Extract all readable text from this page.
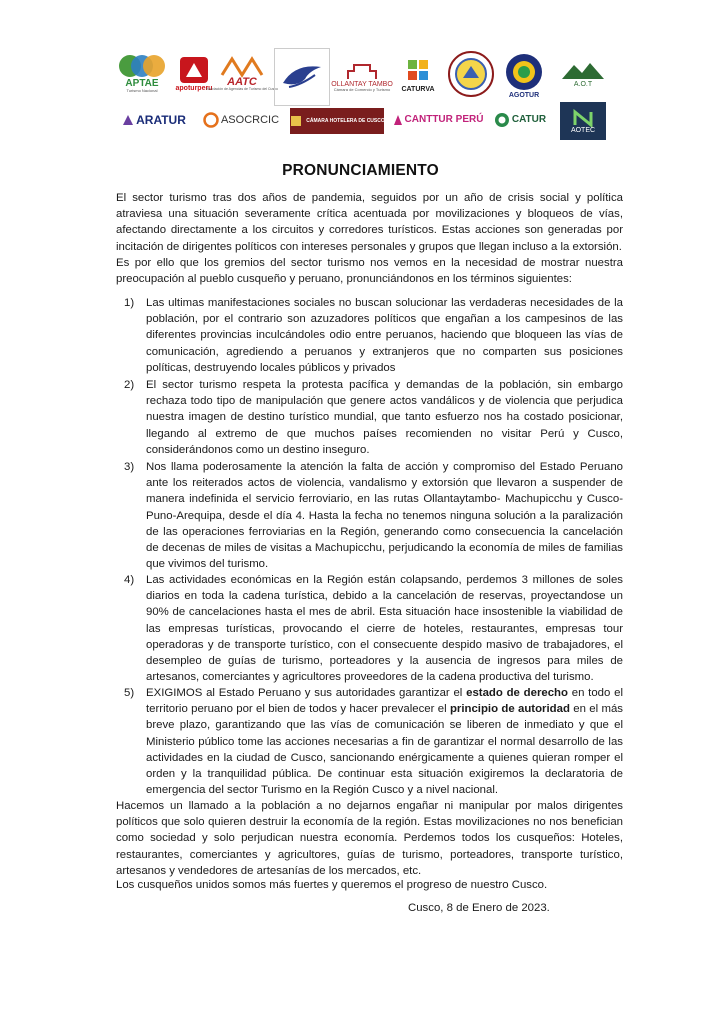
APTAE
Turismo Nacional	apoturperu
AATC
Asociación de Agencias de Turismo del Cusco
OLLANTAY TAMBO
Cámara de Comercio y Turismo CATURVA
AGOTUR
A.O.T
ARATUR	ASOCRCIC	CÁMARA HOTELERA DE CUSCO CANTTUR PERÚ	CATUR
AOTEC
PRONUNCIAMIENTO

El sector turismo tras dos años de pandemia, seguidos por un año de crisis social y política atraviesa una situación severamente crítica acentuada por movilizaciones y bloqueos de vías, afectando directamente a los circuitos y corredores turísticos. Estas acciones son generadas por incitación de dirigentes políticos con intereses personales y grupos que llegan incluso a la extorsión.

Es por ello que los gremios del sector turismo nos vemos en la necesidad de mostrar nuestra preocupación al pueblo cusqueño y peruano, pronunciándonos en los términos siguientes:

1)	Las ultimas manifestaciones sociales no buscan solucionar las verdaderas necesidades de la población, por el contrario son azuzadores políticos que engañan a los campesinos de las diferentes provincias inculcándoles odio entre peruanos, haciendo que bloqueen las vías de comunicación, agrediendo a peruanos y extranjeros que no comparten sus posiciones políticas, destruyendo locales públicos y privados

2)	El sector turismo respeta la protesta pacífica y demandas de la población, sin embargo rechaza todo tipo de manipulación que genere actos vandálicos y de violencia que perjudica nuestra imagen de destino turístico mundial, que tanto esfuerzo nos ha costado posicionar, llegando al extremo de que muchos países recomienden no visitar Perú y Cusco, considerándonos como un destino inseguro.

3)	Nos llama poderosamente la atención la falta de acción y compromiso del Estado Peruano ante los reiterados actos de violencia, vandalismo y extorsión que llevaron a suspender de manera indefinida el servicio ferroviario, en las rutas Ollantaytambo- Machupicchu y Cusco-Puno-Arequipa, desde el día 4. Hasta la fecha no tenemos ninguna solución a la paralización de las operaciones ferroviarias en la Región, generando como consecuencia la cancelación de decenas de miles de visitas a Machupicchu, perjudicando la economía de miles de familias que vivimos del turismo.

4)	Las actividades económicas en la Región están colapsando, perdemos 3 millones de soles diarios en toda la cadena turística, debido a la cancelación de reservas, proyectandose un 90% de cancelaciones hasta el mes de abril. Esta situación hace insostenible la viabilidad de las empresas turísticas, provocando el cierre de hoteles, restaurantes, empresas tour operadoras y de transporte turístico, con el consecuente despido masivo de trabajadores, el desempleo de guías de turismo, porteadores y la ausencia de ingresos para miles de artesanos, comerciantes y agricultores proveedores de la cadena productiva del turismo.

5)	EXIGIMOS al Estado Peruano y sus autoridades garantizar el estado de derecho en todo el territorio peruano por el bien de todos y hacer prevalecer el principio de autoridad en el más breve plazo, garantizando que las vías de comunicación se liberen de inmediato y que el Ministerio público tome las acciones necesarias a fin de garantizar el normal desarrollo de las actividades en la ciudad de Cusco, sancionando enérgicamente a quienes quieran romper el orden y la tranquilidad pública. De continuar esta situación exigiremos la declaratoria de emergencia del sector Turismo en la Región Cusco y a nivel nacional.

Hacemos un llamado a la población a no dejarnos engañar ni manipular por malos dirigentes políticos que solo quieren destruir la economía de la región. Estas movilizaciones no nos benefician como sociedad y solo perjudican nuestra economía. Perdemos todos los cusqueños: Hoteles, restaurantes, comerciantes y agricultores, guías de turismo, porteadores, transporte turístico, artesanos y vendedores de artesanías de los mercados, etc.

Los cusqueños unidos somos más fuertes y queremos el progreso de nuestro Cusco.

Cusco, 8 de Enero de 2023.
